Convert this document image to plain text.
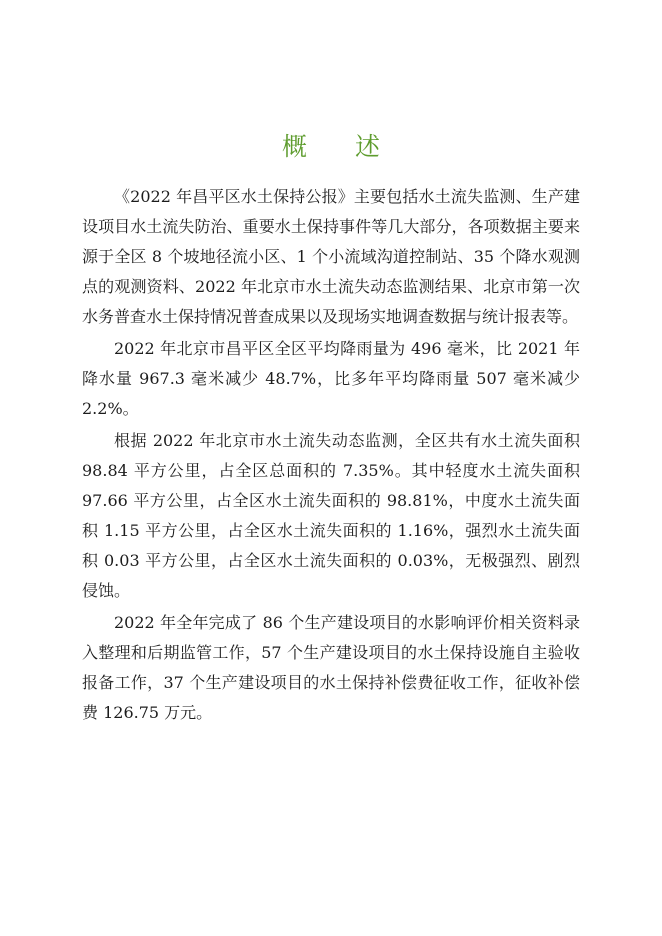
概 述

《2022 年昌平区水土保持公报》主要包括水土流失监测、生产建设项目水土流失防治、重要水土保持事件等几大部分，各项数据主要来源于全区 8 个坡地径流小区、1 个小流域沟道控制站、35 个降水观测点的观测资料、2022 年北京市水土流失动态监测结果、北京市第一次水务普查水土保持情况普查成果以及现场实地调查数据与统计报表等。

2022 年北京市昌平区全区平均降雨量为 496 毫米，比 2021 年降水量 967.3 毫米减少 48.7%，比多年平均降雨量 507 毫米减少 2.2%。

根据 2022 年北京市水土流失动态监测，全区共有水土流失面积 98.84 平方公里，占全区总面积的 7.35%。其中轻度水土流失面积 97.66 平方公里，占全区水土流失面积的 98.81%，中度水土流失面积 1.15 平方公里，占全区水土流失面积的 1.16%，强烈水土流失面积 0.03 平方公里，占全区水土流失面积的 0.03%，无极强烈、剧烈侵蚀。

2022 年全年完成了 86 个生产建设项目的水影响评价相关资料录入整理和后期监管工作，57 个生产建设项目的水土保持设施自主验收报备工作，37 个生产建设项目的水土保持补偿费征收工作，征收补偿费 126.75 万元。
